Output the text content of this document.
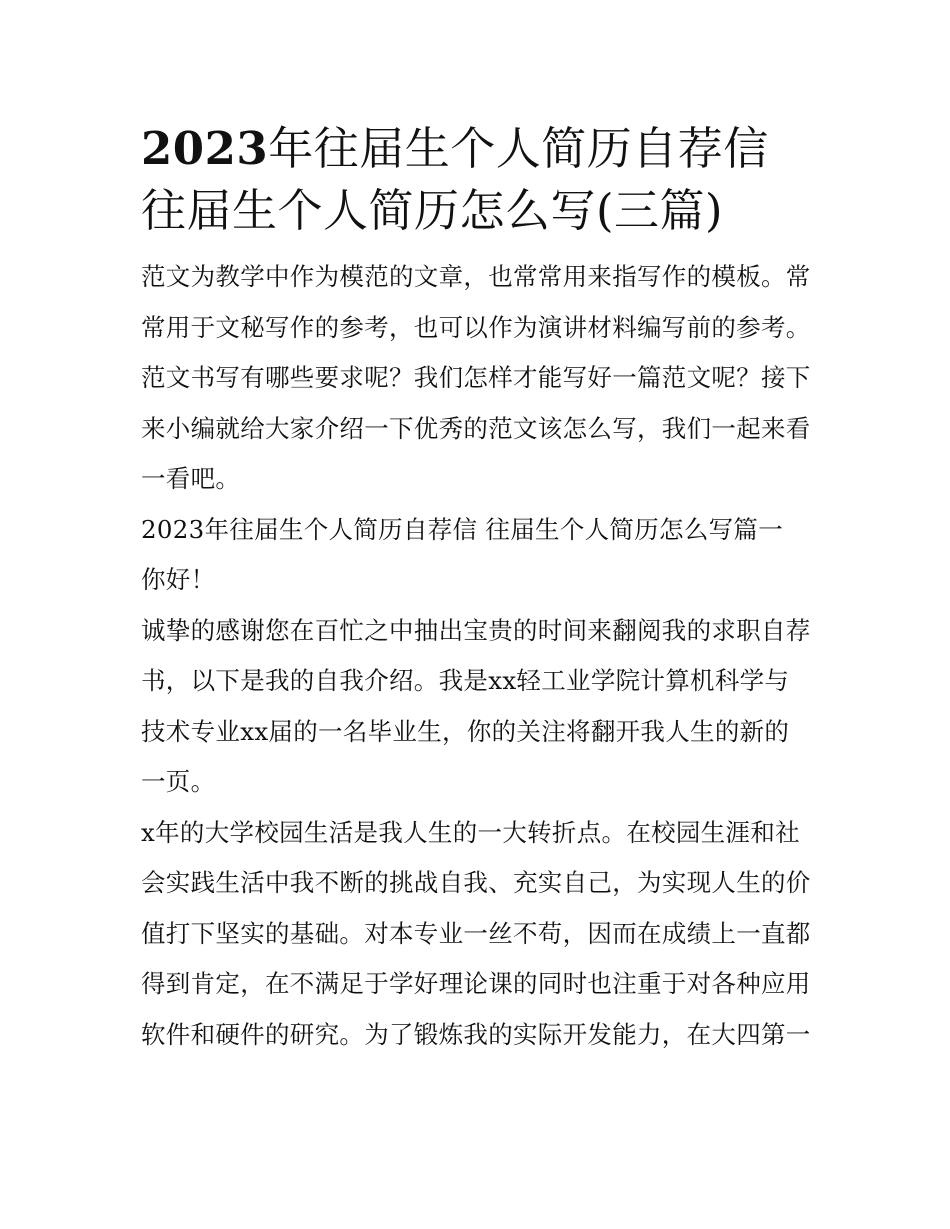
2023年往届生个人简历自荐信
往届生个人简历怎么写(三篇)

范文为教学中作为模范的文章，也常常用来指写作的模板。常常用于文秘写作的参考，也可以作为演讲材料编写前的参考。范文书写有哪些要求呢？我们怎样才能写好一篇范文呢？接下来小编就给大家介绍一下优秀的范文该怎么写，我们一起来看一看吧。

2023年往届生个人简历自荐信 往届生个人简历怎么写篇一 你好！

诚挚的感谢您在百忙之中抽出宝贵的时间来翻阅我的求职自荐书，以下是我的自我介绍。我是xx轻工业学院计算机科学与技术专业xx届的一名毕业生，你的关注将翻开我人生的新的一页。

x年的大学校园生活是我人生的一大转折点。在校园生涯和社会实践生活中我不断的挑战自我、充实自己，为实现人生的价值打下坚实的基础。对本专业一丝不苟，因而在成绩上一直都得到肯定，在不满足于学好理论课的同时也注重于对各种应用软件和硬件的研究。为了锻炼我的实际开发能力，在大四第一
